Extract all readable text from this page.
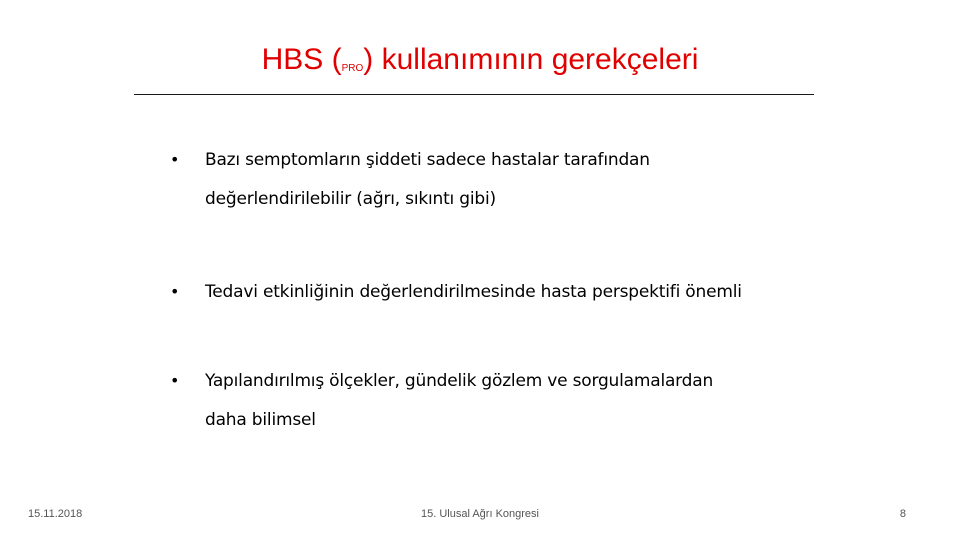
HBS $(_{PRO})$ kullanımının gerekçeleri
• Bazı semptomların şiddeti sadece hastalar tarafından
değerlendirilebilir (ağrı, sıkıntı gibi)
• Tedavi etkinliğinin değerlendirilmesinde hasta perspektifi önemli
• Yapılandırılmış ölçekler, gündelik gözlem ve sorgulamalardan
daha bilimsel
15.11.2018	15. Ulusal Ağrı Kongresi	8
